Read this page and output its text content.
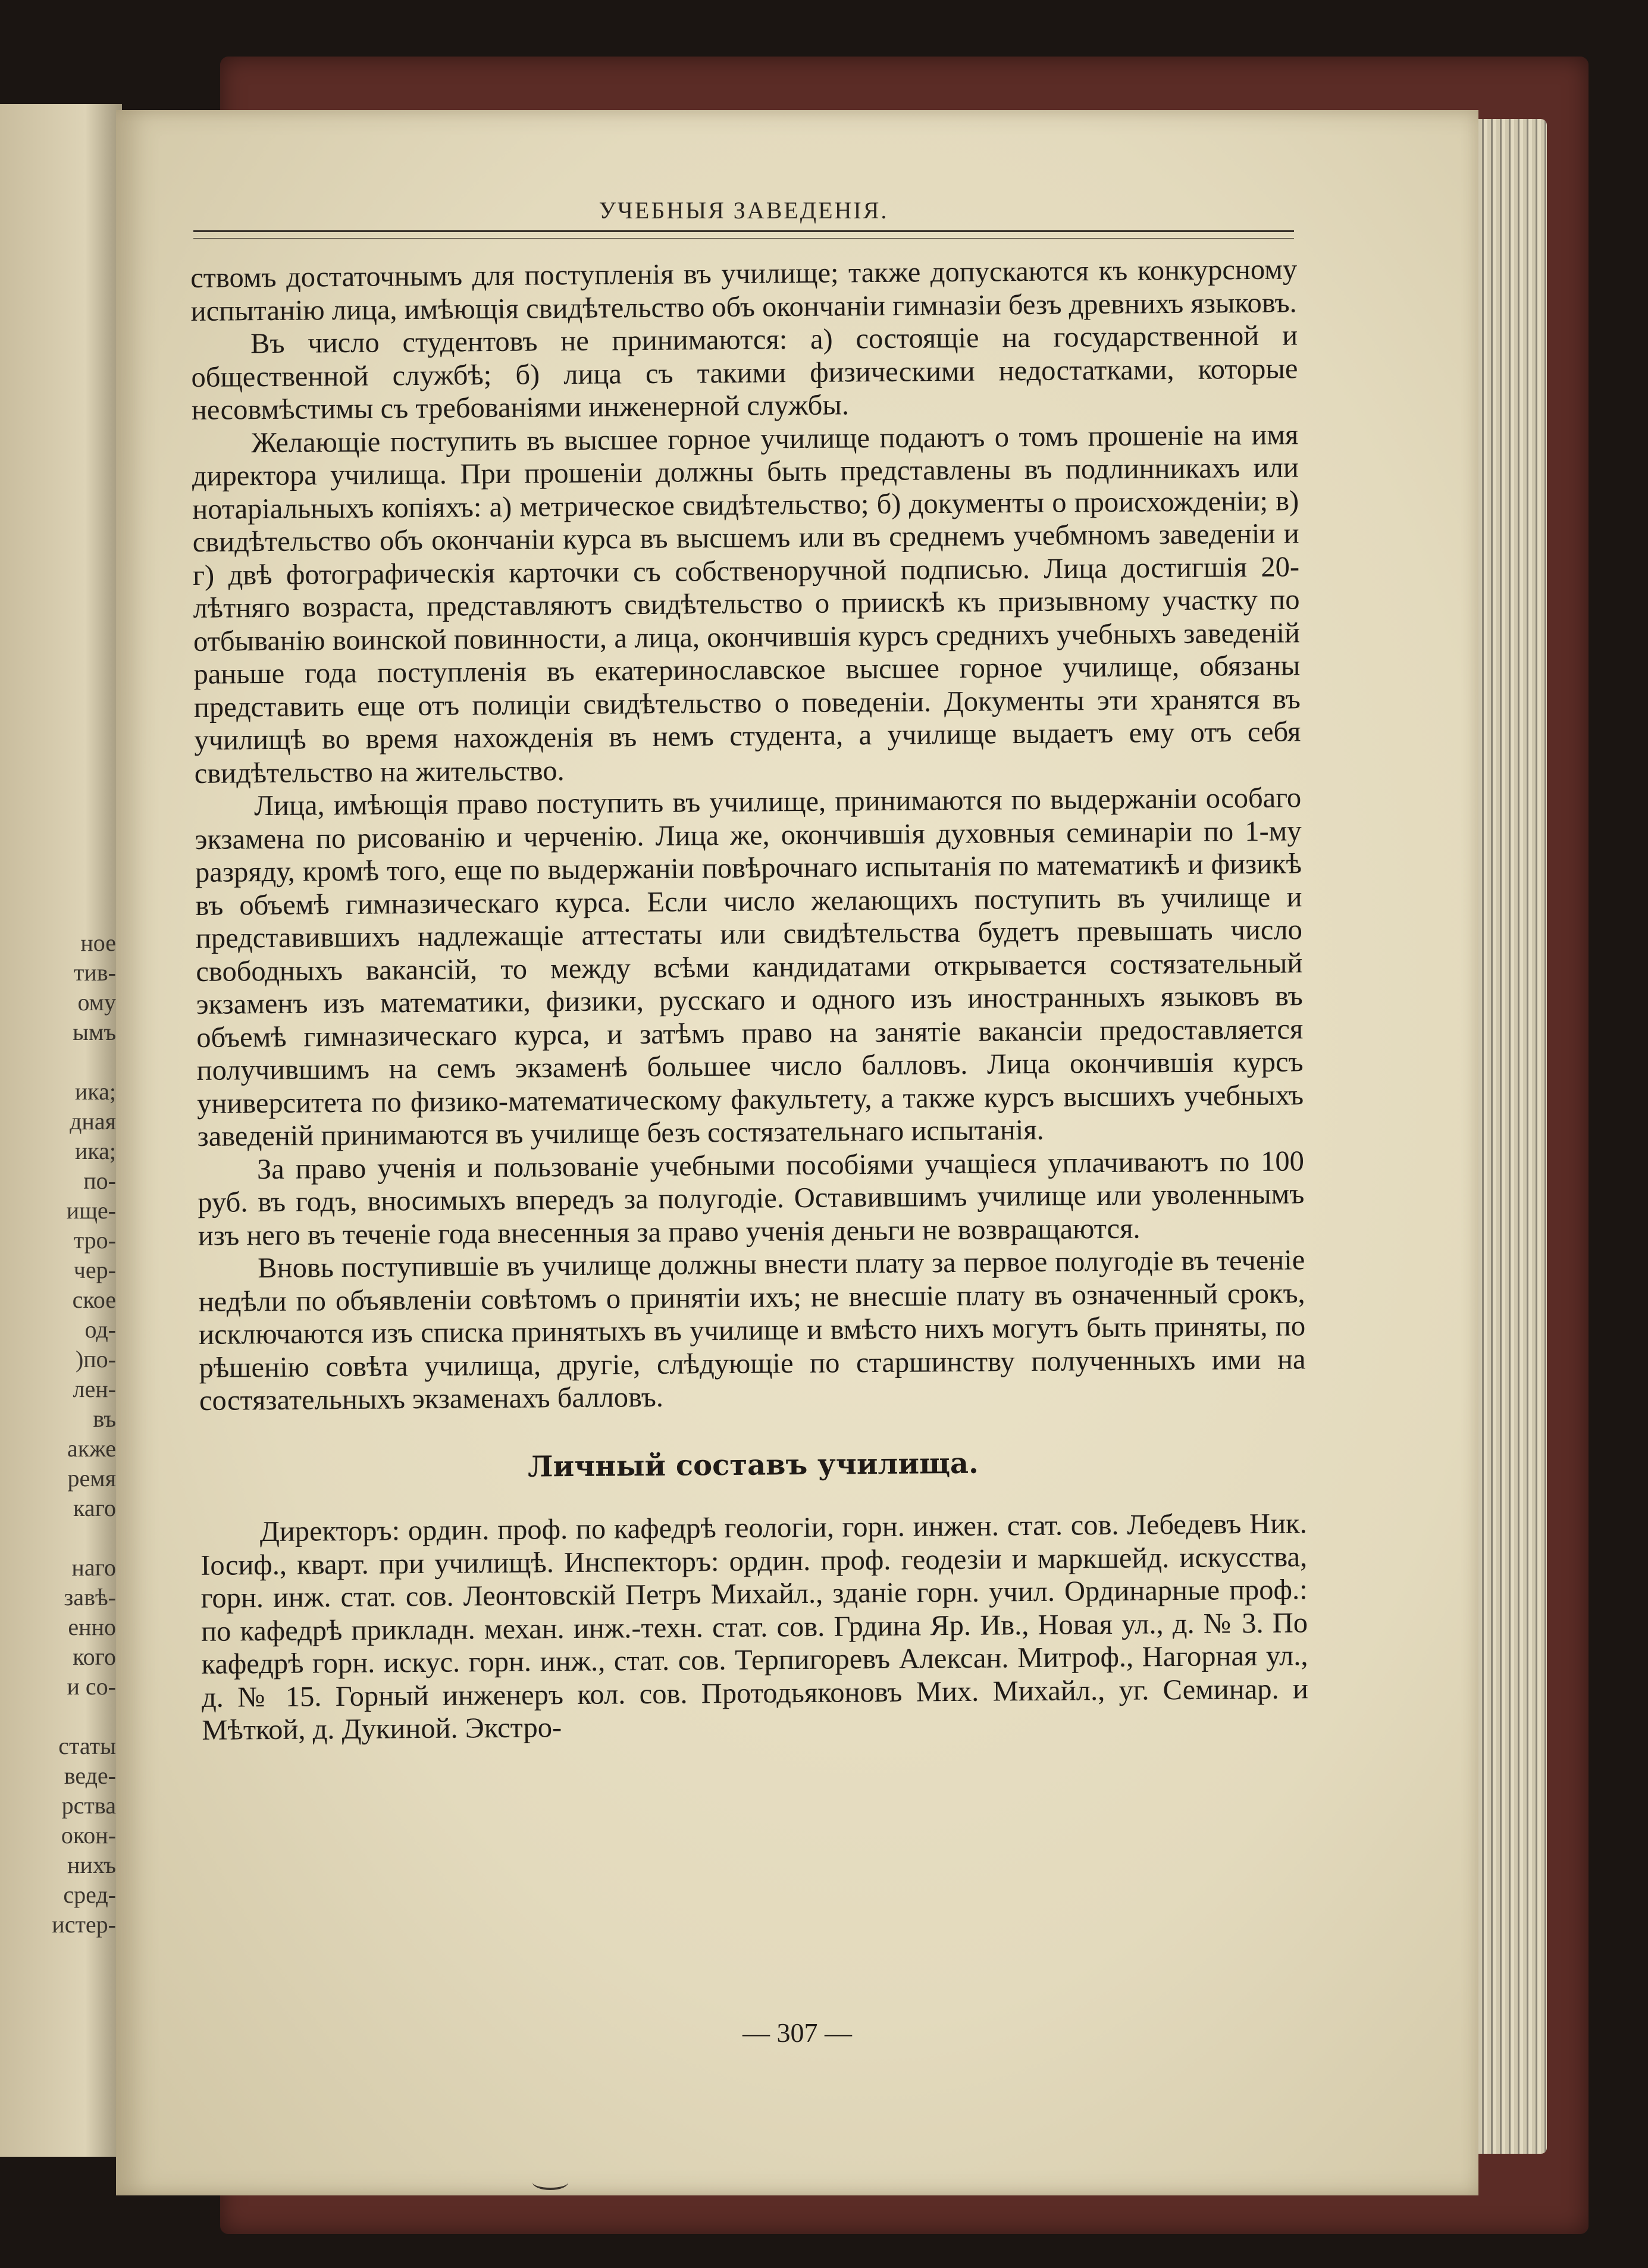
ное
тив-
ому
ымъ

ика;
дная
ика;
по-
ище-
тро-
чер-
ское
од-
)по-
лен-
въ
акже
ремя
каго

наго
завѣ-
енно
кого
и со-

статы
веде-
рства
окон-
нихъ
сред-
истер-
УЧЕБНЫЯ ЗАВЕДЕНІЯ.

ствомъ достаточнымъ для поступленія въ училище; также допускаются къ конкурсному испытанію лица, имѣющія свидѣтельство объ окончаніи гимназіи безъ древнихъ языковъ.

Въ число студентовъ не принимаются: а) состоящіе на государственной и общественной службѣ; б) лица съ такими физическими недостатками, которые несовмѣстимы съ требованіями инженерной службы.

Желающіе поступить въ высшее горное училище подаютъ о томъ прошеніе на имя директора училища. При прошеніи должны быть представлены въ подлинникахъ или нотаріальныхъ копіяхъ: а) метрическое свидѣтельство; б) документы о происхожденіи; в) свидѣтельство объ окончаніи курса въ высшемъ или въ среднемъ учебмномъ заведеніи и г) двѣ фотографическія карточки съ собственоручной подписью. Лица достигшія 20-лѣтняго возраста, представляютъ свидѣтельство о приискѣ къ призывному участку по отбыванію воинской повинности, а лица, окончившія курсъ среднихъ учебныхъ заведеній раньше года поступленія въ екатеринославское высшее горное училище, обязаны представить еще отъ полиціи свидѣтельство о поведеніи. Документы эти хранятся въ училищѣ во время нахожденія въ немъ студента, а училище выдаетъ ему отъ себя свидѣтельство на жительство.

Лица, имѣющія право поступить въ училище, принимаются по выдержаніи особаго экзамена по рисованію и черченію. Лица же, окончившія духовныя семинаріи по 1-му разряду, кромѣ того, еще по выдержаніи повѣрочнаго испытанія по математикѣ и физикѣ въ объемѣ гимназическаго курса. Если число желающихъ поступить въ училище и представившихъ надлежащіе аттестаты или свидѣтельства будетъ превышать число свободныхъ вакансій, то между всѣми кандидатами открывается состязательный экзаменъ изъ математики, физики, русскаго и одного изъ иностранныхъ языковъ въ объемѣ гимназическаго курса, и затѣмъ право на занятіе вакансіи предоставляется получившимъ на семъ экзаменѣ большее число балловъ. Лица окончившія курсъ университета по физико-математическому факультету, а также курсъ высшихъ учебныхъ заведеній принимаются въ училище безъ состязательнаго испытанія.

За право ученія и пользованіе учебными пособіями учащіеся уплачиваютъ по 100 руб. въ годъ, вносимыхъ впередъ за полугодіе. Оставившимъ училище или уволеннымъ изъ него въ теченіе года внесенныя за право ученія деньги не возвращаются.

Вновь поступившіе въ училище должны внести плату за первое полугодіе въ теченіе недѣли по объявленіи совѣтомъ о принятіи ихъ; не внесшіе плату въ означенный срокъ, исключаются изъ списка принятыхъ въ училище и вмѣсто нихъ могутъ быть приняты, по рѣшенію совѣта училища, другіе, слѣдующіе по старшинству полученныхъ ими на состязательныхъ экзаменахъ балловъ.

Личный составъ училища.

Директоръ: ордин. проф. по кафедрѣ геологіи, горн. инжен. стат. сов. Лебедевъ Ник. Іосиф., кварт. при училищѣ. Инспекторъ: ордин. проф. геодезіи и маркшейд. искусства, горн. инж. стат. сов. Леонтовскій Петръ Михайл., зданіе горн. учил. Ординарные проф.: по кафедрѣ прикладн. механ. инж.-техн. стат. сов. Грдина Яр. Ив., Новая ул., д. № 3. По кафедрѣ горн. искус. горн. инж., стат. сов. Терпигоревъ Алексан. Митроф., Нагорная ул., д. № 15. Горный инженеръ кол. сов. Протодьяконовъ Мих. Михайл., уг. Семинар. и Мѣткой, д. Дукиной. Экстро-

— 307 —
